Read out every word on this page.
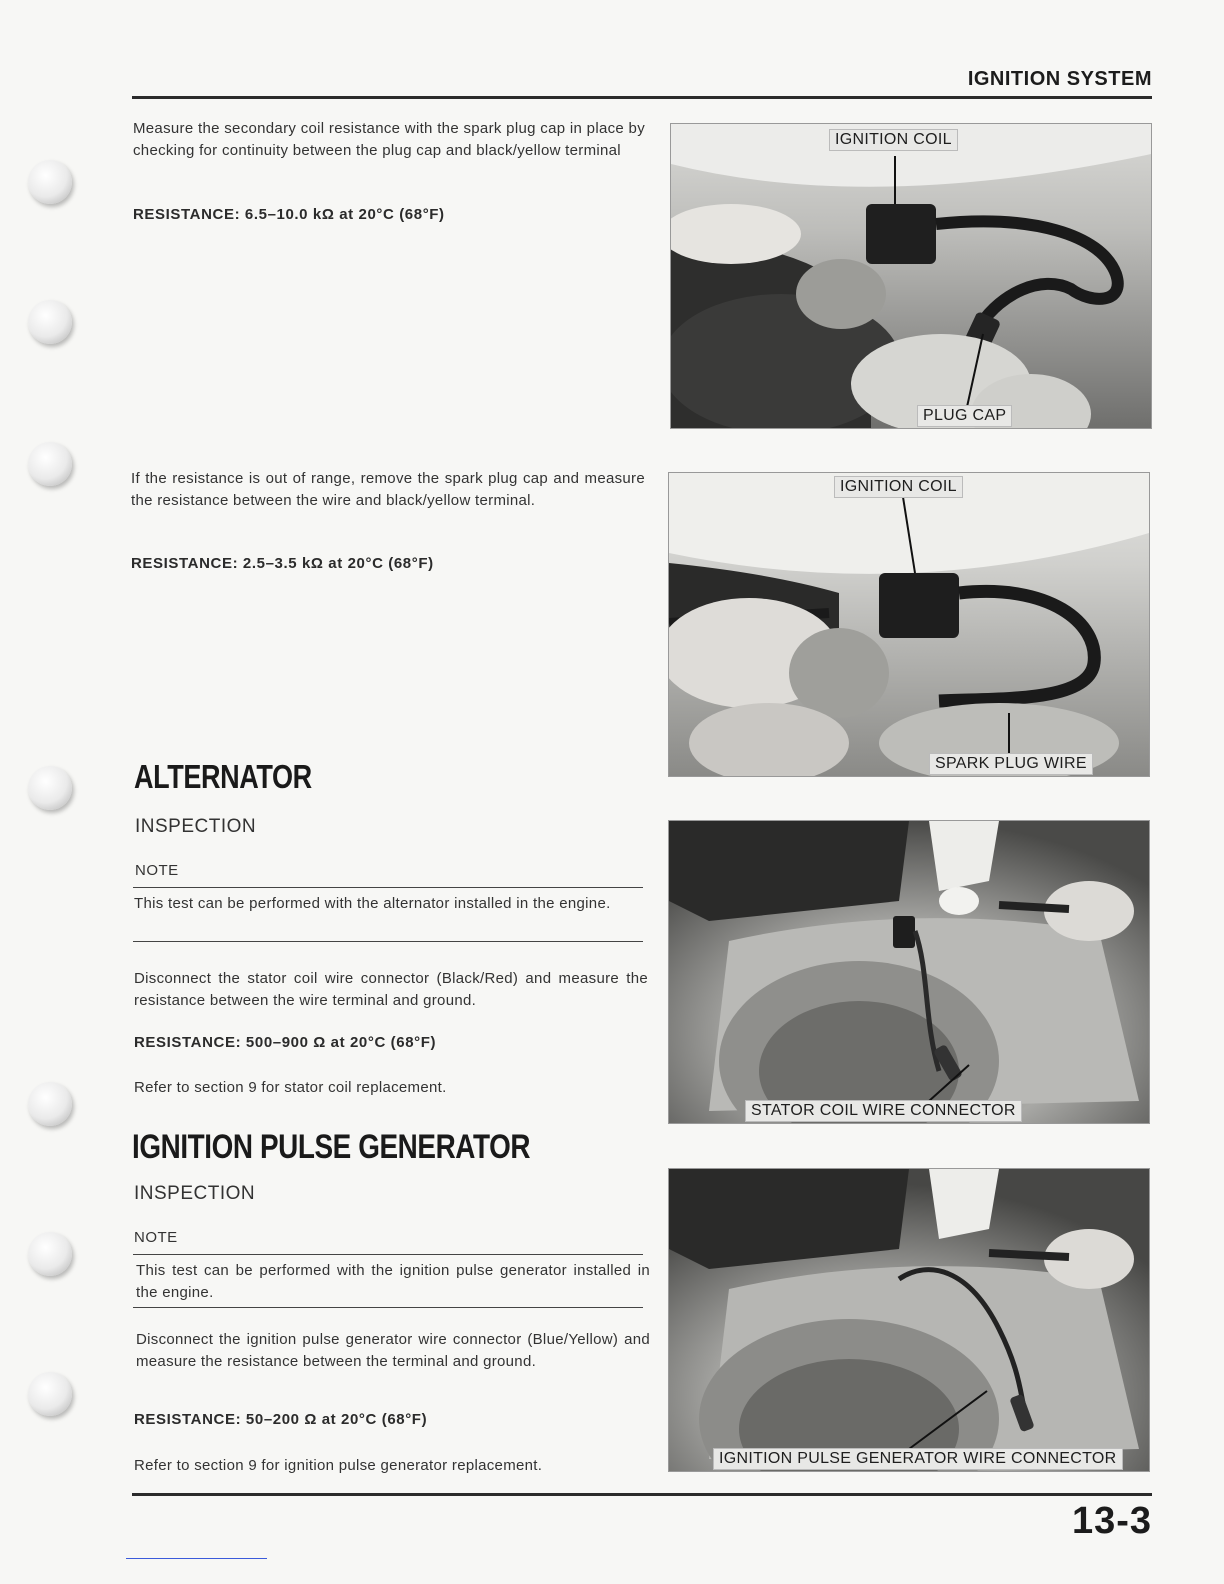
IGNITION SYSTEM
Measure the secondary coil resistance with the spark plug cap in place by checking for continuity between the plug cap and black/yellow terminal
RESISTANCE: 6.5–10.0 kΩ at 20°C (68°F)
IGNITION COIL
PLUG CAP
If the resistance is out of range, remove the spark plug cap and measure the resistance between the wire and black/yellow terminal.
RESISTANCE: 2.5–3.5 kΩ at 20°C (68°F)
IGNITION COIL
SPARK PLUG WIRE
ALTERNATOR
INSPECTION
NOTE
This test can be performed with the alternator installed in the engine.
Disconnect the stator coil wire connector (Black/Red) and measure the resistance between the wire terminal and ground.
RESISTANCE: 500–900 Ω at 20°C (68°F)
Refer to section 9 for stator coil replacement.
STATOR COIL WIRE CONNECTOR
IGNITION PULSE GENERATOR
INSPECTION
NOTE
This test can be performed with the ignition pulse generator installed in the engine.
Disconnect the ignition pulse generator wire connector (Blue/Yellow) and measure the resistance between the terminal and ground.
RESISTANCE: 50–200 Ω at 20°C (68°F)
Refer to section 9 for ignition pulse generator replacement.	IGNITION PULSE GENERATOR WIRE CONNECTOR
13-3
